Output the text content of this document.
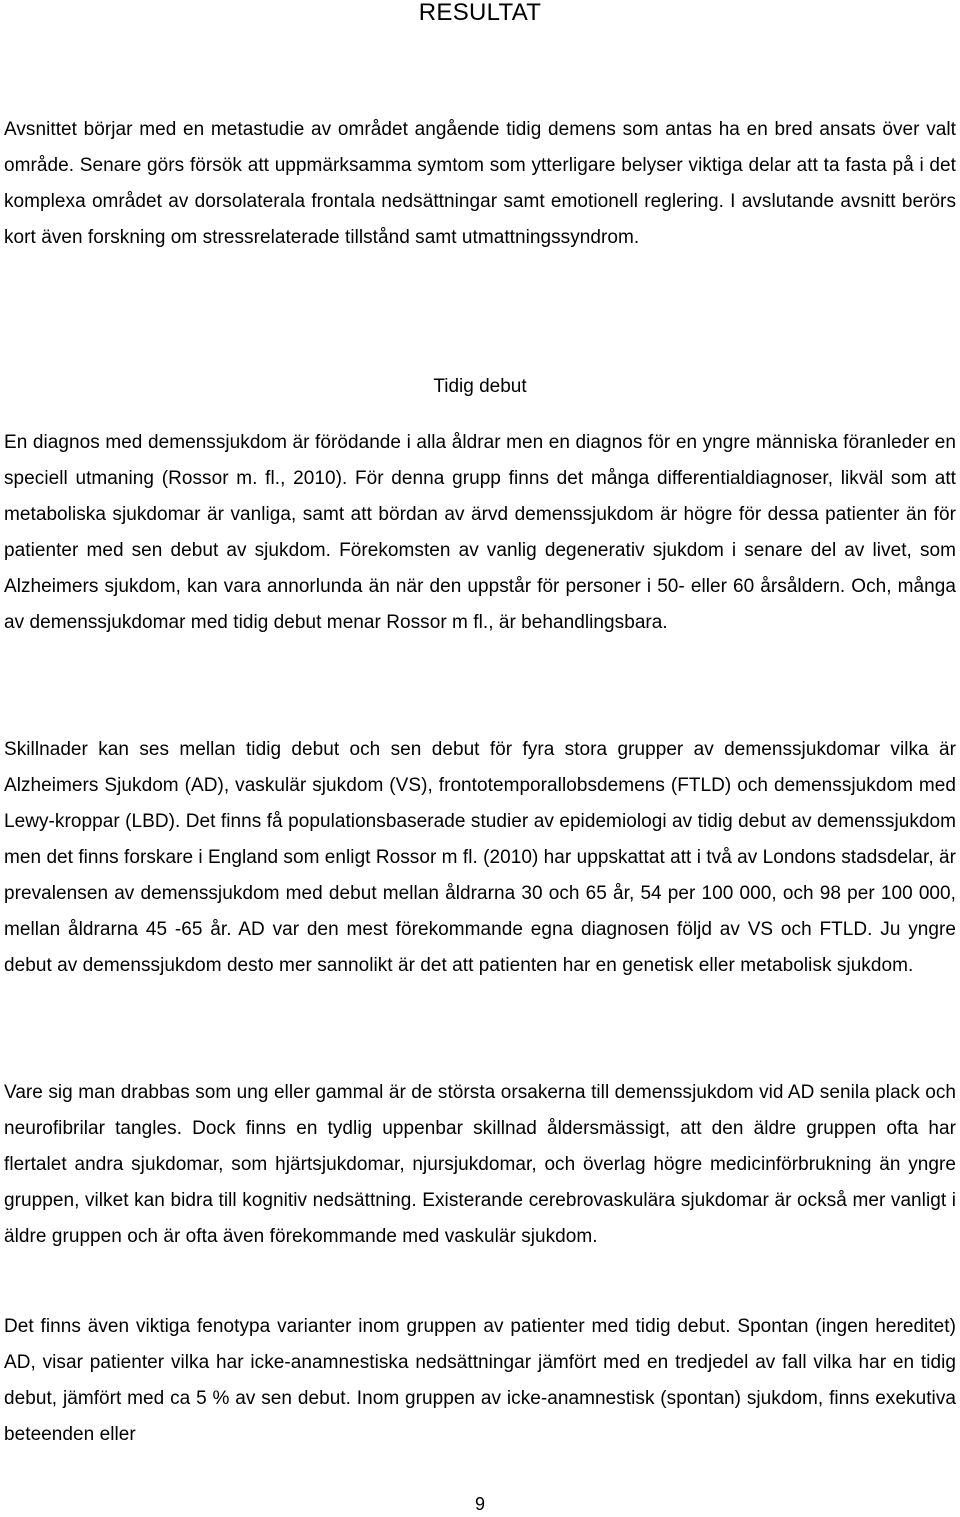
RESULTAT

Avsnittet börjar med en metastudie av området angående tidig demens som antas ha en bred ansats över valt område. Senare görs försök att uppmärksamma symtom som ytterligare belyser viktiga delar att ta fasta på i det komplexa området av dorsolaterala frontala nedsättningar samt emotionell reglering. I avslutande avsnitt berörs kort även forskning om stressrelaterade tillstånd samt utmattningssyndrom.

Tidig debut

En diagnos med demenssjukdom är förödande i alla åldrar men en diagnos för en yngre människa föranleder en speciell utmaning (Rossor m. fl., 2010). För denna grupp finns det många differentialdiagnoser, likväl som att metaboliska sjukdomar är vanliga, samt att bördan av ärvd demenssjukdom är högre för dessa patienter än för patienter med sen debut av sjukdom. Förekomsten av vanlig degenerativ sjukdom i senare del av livet, som Alzheimers sjukdom, kan vara annorlunda än när den uppstår för personer i 50- eller 60 årsåldern. Och, många av demenssjukdomar med tidig debut menar Rossor m fl., är behandlingsbara.

Skillnader kan ses mellan tidig debut och sen debut för fyra stora grupper av demenssjukdomar vilka är Alzheimers Sjukdom (AD), vaskulär sjukdom (VS), frontotemporallobsdemens (FTLD) och demenssjukdom med Lewy-kroppar (LBD). Det finns få populationsbaserade studier av epidemiologi av tidig debut av demenssjukdom men det finns forskare i England som enligt Rossor m fl. (2010) har uppskattat att i två av Londons stadsdelar, är prevalensen av demenssjukdom med debut mellan åldrarna 30 och 65 år, 54 per 100 000, och 98 per 100 000, mellan åldrarna 45 -65 år. AD var den mest förekommande egna diagnosen följd av VS och FTLD. Ju yngre debut av demenssjukdom desto mer sannolikt är det att patienten har en genetisk eller metabolisk sjukdom.

Vare sig man drabbas som ung eller gammal är de största orsakerna till demenssjukdom vid AD senila plack och neurofibrilar tangles. Dock finns en tydlig uppenbar skillnad åldersmässigt, att den äldre gruppen ofta har flertalet andra sjukdomar, som hjärtsjukdomar, njursjukdomar, och överlag högre medicinförbrukning än yngre gruppen, vilket kan bidra till kognitiv nedsättning. Existerande cerebrovaskulära sjukdomar är också mer vanligt i äldre gruppen och är ofta även förekommande med vaskulär sjukdom.

Det finns även viktiga fenotypa varianter inom gruppen av patienter med tidig debut. Spontan (ingen hereditet) AD, visar patienter vilka har icke-anamnestiska nedsättningar jämfört med en tredjedel av fall vilka har en tidig debut, jämfört med ca 5 % av sen debut. Inom gruppen av icke-anamnestisk (spontan) sjukdom, finns exekutiva beteenden eller

9
